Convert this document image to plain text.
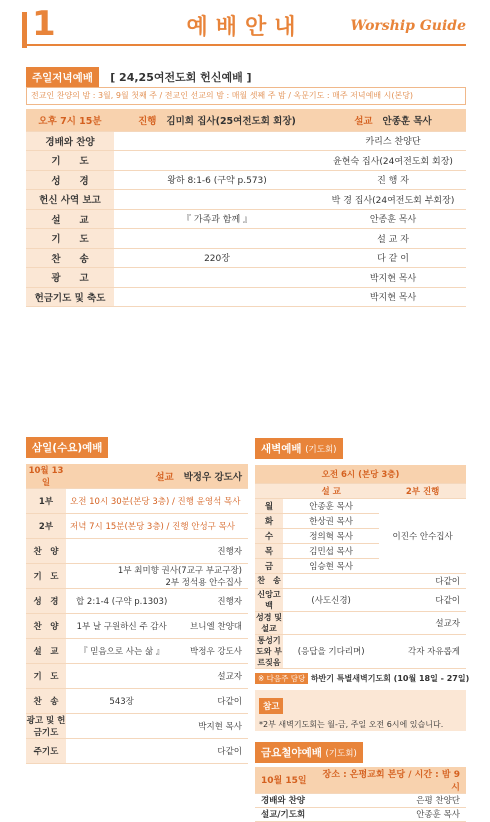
1	예배안내	Worship Guide
주일저녁예배 [ 24,25여전도회 헌신예배 ]
전교인 찬양의 밤 : 3월, 9월 첫째 주 / 전교인 선교의 밤 : 매월 셋째 주 밤 / 옥문기도 : 매주 저녁예배 시(본당)
오후 7시 15분	진행 김미희 집사(25여전도회 회장)	설교 안종훈 목사
경배와 찬양		카리스 찬양단
기　　도		윤현숙 집사(24여전도회 회장)
성　　경	왕하 8:1-6 (구약 p.573)	진 행 자
헌신 사역 보고		박 경 집사(24여전도회 부회장)
설　　교	『 가족과 함께 』	안종훈 목사
기　　도		설 교 자
찬　　송	220장	다 같 이
광　　고		박지현 목사
헌금기도 및 축도		박지현 목사
삼일(수요)예배
10월 13일	설교 박정우 강도사	
1부	오전 10시 30분(본당 3층) / 진행 윤영석 목사	
2부	저녁 7시 15분(본당 3층) / 진행 안성구 목사	
찬　양		진행자
기　도	1부 최미향 권사(7교구 부교구장)
2부 정석용 안수집사	

성　경	합 2:1-4 (구약 p.1303)	진행자
찬　양	1부 날 구원하신 주 감사	브니엘 찬양대
설　교	『 믿음으로 사는 삶 』	박정우 강도사
기　도		설교자
찬　송	543장	다같이
광고 및 헌금기도		박지현 목사
주기도		다같이
새벽예배 (기도회)
오전 6시 (본당 3층)		
	설 교	2부 진행
월	안종훈 목사	이진수 안수집사
화	한상권 목사	
수	정의혁 목사	
목	김민섭 목사	
금	임승현 목사	
찬　송		다같이
신앙고백	(사도신경)	다같이
성경 및 설교		설교자
통성기도와 부르짖음	(응답을 기다리며)	각자 자유롭게
※ 다음주 담당 하반기 특별새벽기도회 (10월 18일 - 27일)
참고
*2부 새벽기도회는 월-금, 주일 오전 6시에 있습니다.
금요철야예배 (기도회)
10월 15일	장소 : 온평교회 본당 / 시간 : 밤 9시
경배와 찬양	은평 찬양단
설교/기도회	안종훈 목사
